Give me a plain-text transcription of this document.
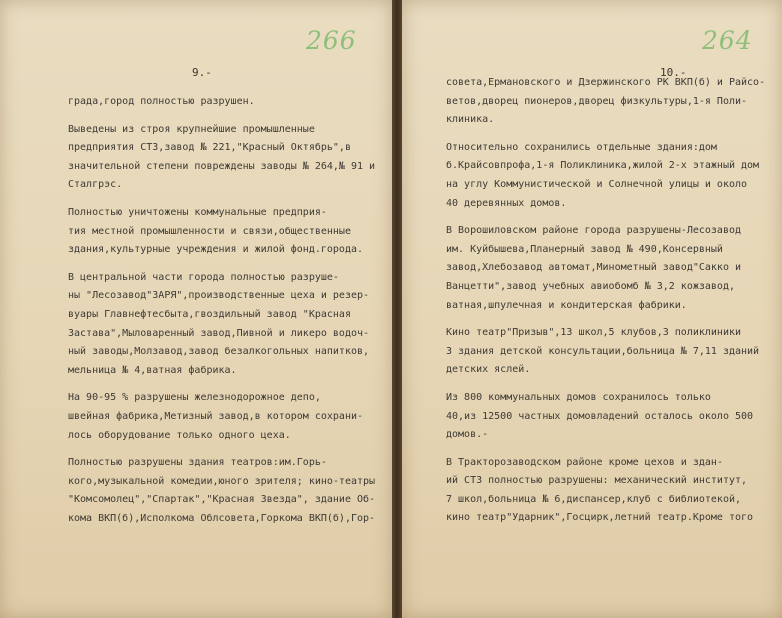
266
9.-
града,город полностью разрушен.
Выведены из строя крупнейшие промышленные
предприятия СТЗ,завод № 221,"Красный Октябрь",в
значительной степени повреждены заводы № 264,№ 91 и
Сталгрэс.
Полностью уничтожены коммунальные предприя-
тия местной промышленности и связи,общественные
здания,культурные учреждения и жилой фонд.города.
В центральной части города полностью разруше-
ны "Лесозавод"ЗАРЯ",производственные цеха и резер-
вуары Главнефтесбыта,гвоздильный завод "Красная
Застава",Мыловаренный завод,Пивной и ликеро водоч-
ный заводы,Молзавод,завод безалкогольных напитков,
мельница № 4,ватная фабрика.
На 90-95 % разрушены железнодорожное депо,
швейная фабрика,Метизный завод,в котором сохрани-
лось оборудование только одного цеха.
Полностью разрушены здания театров:им.Горь-
кого,музыкальной комедии,юного зрителя; кино-театры
"Комсомолец","Спартак","Красная Звезда", здание Об-
кома ВКП(б),Исполкома Облсовета,Горкома ВКП(б),Гор-
264
10.-
совета,Ермановского и Дзержинского РК ВКП(б) и Райсо-
ветов,дворец пионеров,дворец физкультуры,1-я Поли-
клиника.
Относительно сохранились отдельные здания:дом
б.Крайсовпрофа,1-я Поликлиника,жилой 2-х этажный дом
на углу Коммунистической и Солнечной улицы и около
40 деревянных домов.
В Ворошиловском районе города разрушены-Лесозавод
им. Куйбышева,Планерный завод № 490,Консервный
завод,Хлебозавод автомат,Минометный завод"Сакко и
Ванцетти",завод учебных авиобомб № 3,2 кожзавод,
ватная,шпулечная и кондитерская фабрики.
Кино театр"Призыв",13 школ,5 клубов,3 поликлиники
3 здания детской консультации,больница № 7,11 зданий
детских яслей.
Из 800 коммунальных домов сохранилось только
40,из 12500 частных домовладений осталось около 500
домов.-
В Тракторозаводском районе кроме цехов и здан-
ий СТЗ полностью разрушены: механический институт,
7 школ,больница № 6,диспансер,клуб с библиотекой,
кино театр"Ударник",Госцирк,летний театр.Кроме того
